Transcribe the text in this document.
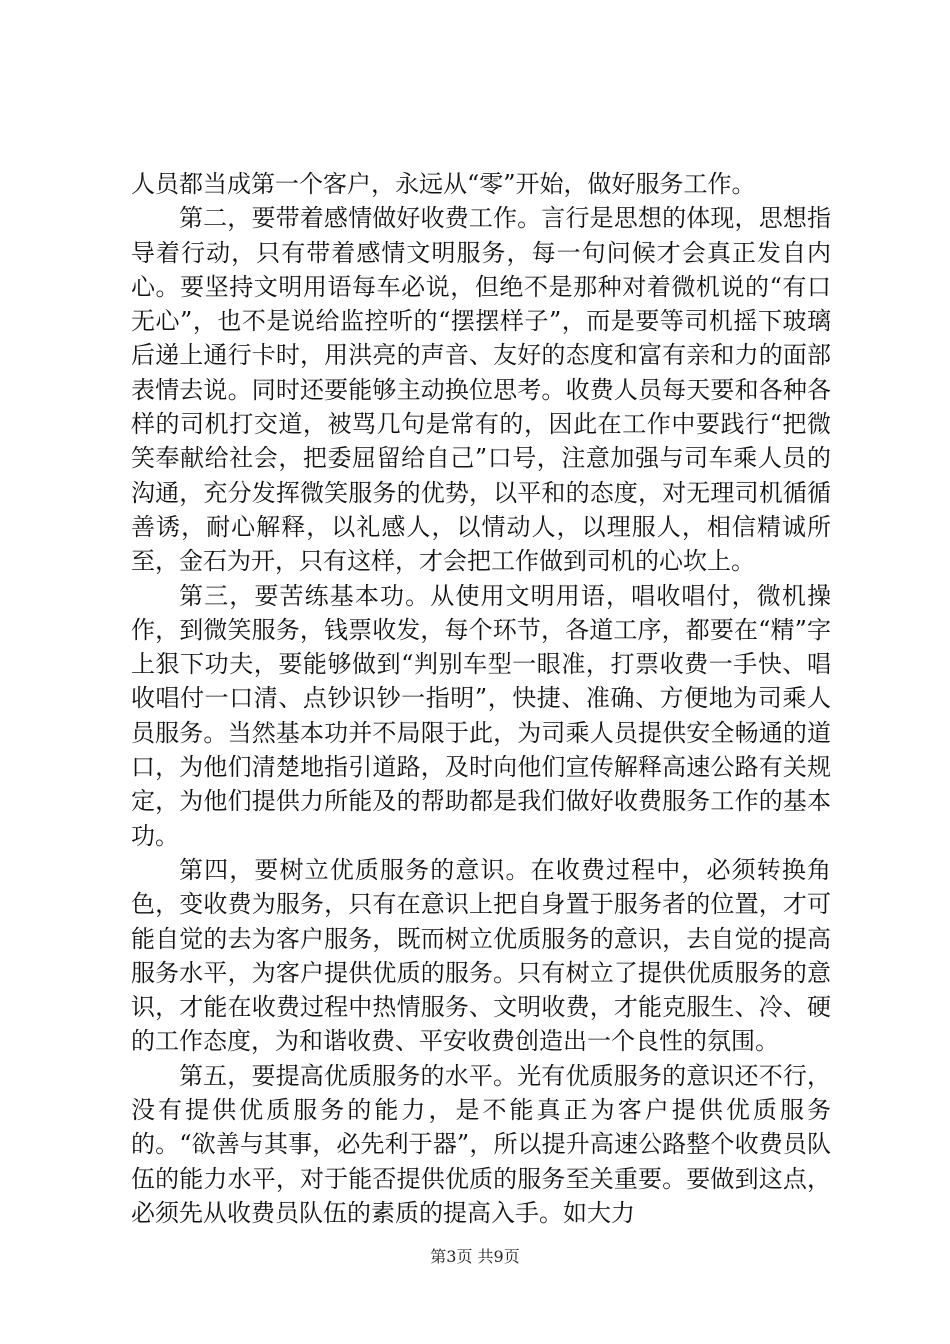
人员都当成第一个客户，永远从“零”开始，做好服务工作。

第二，要带着感情做好收费工作。言行是思想的体现，思想指导着行动，只有带着感情文明服务，每一句问候才会真正发自内心。要坚持文明用语每车必说，但绝不是那种对着微机说的“有口无心”，也不是说给监控听的“摆摆样子”，而是要等司机摇下玻璃后递上通行卡时，用洪亮的声音、友好的态度和富有亲和力的面部表情去说。同时还要能够主动换位思考。收费人员每天要和各种各样的司机打交道，被骂几句是常有的，因此在工作中要践行“把微笑奉献给社会，把委屈留给自己”口号，注意加强与司车乘人员的沟通，充分发挥微笑服务的优势，以平和的态度，对无理司机循循善诱，耐心解释，以礼感人，以情动人，以理服人，相信精诚所至，金石为开，只有这样，才会把工作做到司机的心坎上。

第三，要苦练基本功。从使用文明用语，唱收唱付，微机操作，到微笑服务，钱票收发，每个环节，各道工序，都要在“精”字上狠下功夫，要能够做到“判别车型一眼准，打票收费一手快、唱收唱付一口清、点钞识钞一指明”，快捷、准确、方便地为司乘人员服务。当然基本功并不局限于此，为司乘人员提供安全畅通的道口，为他们清楚地指引道路，及时向他们宣传解释高速公路有关规定，为他们提供力所能及的帮助都是我们做好收费服务工作的基本功。

第四，要树立优质服务的意识。在收费过程中，必须转换角色，变收费为服务，只有在意识上把自身置于服务者的位置，才可能自觉的去为客户服务，既而树立优质服务的意识，去自觉的提高服务水平，为客户提供优质的服务。只有树立了提供优质服务的意识，才能在收费过程中热情服务、文明收费，才能克服生、冷、硬的工作态度，为和谐收费、平安收费创造出一个良性的氛围。

第五，要提高优质服务的水平。光有优质服务的意识还不行，没有提供优质服务的能力，是不能真正为客户提供优质服务的。“欲善与其事，必先利于器”，所以提升高速公路整个收费员队伍的能力水平，对于能否提供优质的服务至关重要。要做到这点，必须先从收费员队伍的素质的提高入手。如大力

第3页 共9页
